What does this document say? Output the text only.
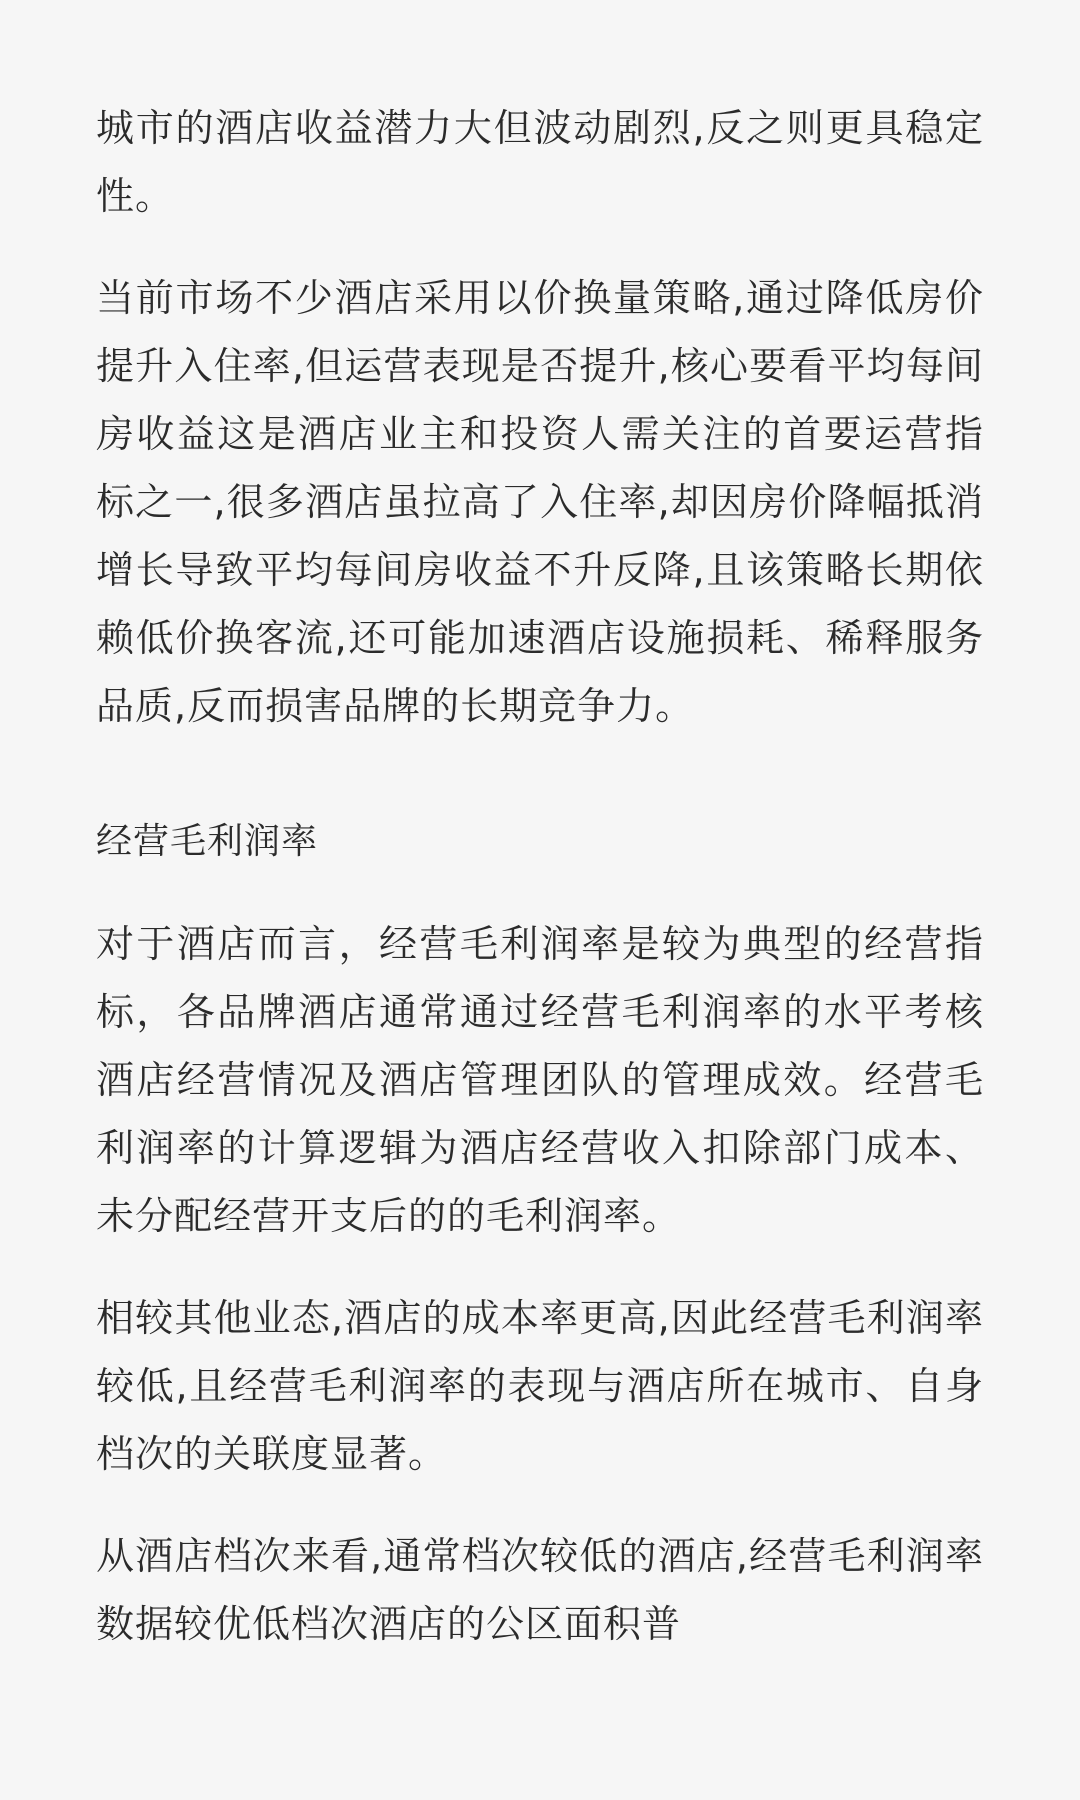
城市的酒店收益潜力大但波动剧烈,反之则更具稳定性。

当前市场不少酒店采用以价换量策略,通过降低房价提升入住率,但运营表现是否提升,核心要看平均每间房收益这是酒店业主和投资人需关注的首要运营指标之一,很多酒店虽拉高了入住率,却因房价降幅抵消增长导致平均每间房收益不升反降,且该策略长期依赖低价换客流,还可能加速酒店设施损耗、稀释服务品质,反而损害品牌的长期竞争力。

经营毛利润率

对于酒店而言，经营毛利润率是较为典型的经营指标，各品牌酒店通常通过经营毛利润率的水平考核酒店经营情况及酒店管理团队的管理成效。经营毛利润率的计算逻辑为酒店经营收入扣除部门成本、未分配经营开支后的的毛利润率。

相较其他业态,酒店的成本率更高,因此经营毛利润率较低,且经营毛利润率的表现与酒店所在城市、自身档次的关联度显著。

从酒店档次来看,通常档次较低的酒店,经营毛利润率数据较优低档次酒店的公区面积普
